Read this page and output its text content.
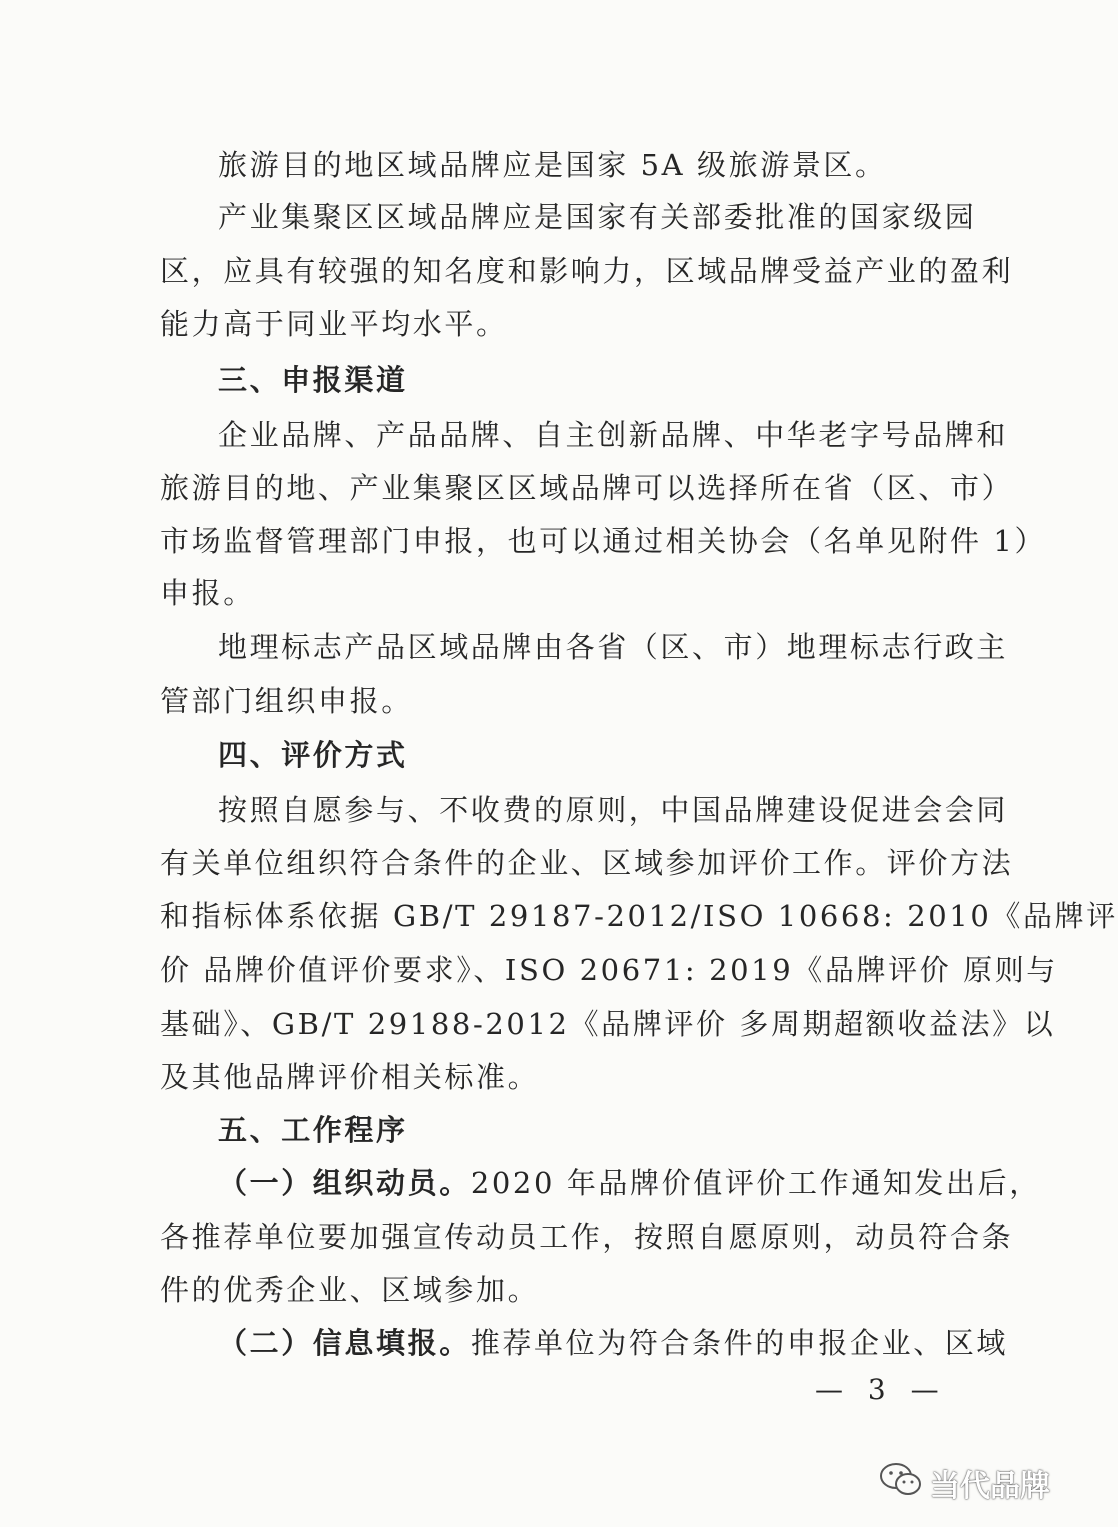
旅游目的地区域品牌应是国家 5A 级旅游景区。
产业集聚区区域品牌应是国家有关部委批准的国家级园
区，应具有较强的知名度和影响力，区域品牌受益产业的盈利
能力高于同业平均水平。
三、申报渠道
企业品牌、产品品牌、自主创新品牌、中华老字号品牌和
旅游目的地、产业集聚区区域品牌可以选择所在省（区、市）
市场监督管理部门申报，也可以通过相关协会（名单见附件 1）
申报。
地理标志产品区域品牌由各省（区、市）地理标志行政主
管部门组织申报。
四、评价方式
按照自愿参与、不收费的原则，中国品牌建设促进会会同
有关单位组织符合条件的企业、区域参加评价工作。评价方法
和指标体系依据 GB/T 29187-2012/ISO 10668: 2010《品牌评
价 品牌价值评价要求》、ISO 20671: 2019《品牌评价 原则与
基础》、GB/T 29188-2012《品牌评价 多周期超额收益法》以
及其他品牌评价相关标准。
五、工作程序
（一）组织动员。2020 年品牌价值评价工作通知发出后，
各推荐单位要加强宣传动员工作，按照自愿原则，动员符合条
件的优秀企业、区域参加。
（二）信息填报。推荐单位为符合条件的申报企业、区域
— 3 —
当代品牌
